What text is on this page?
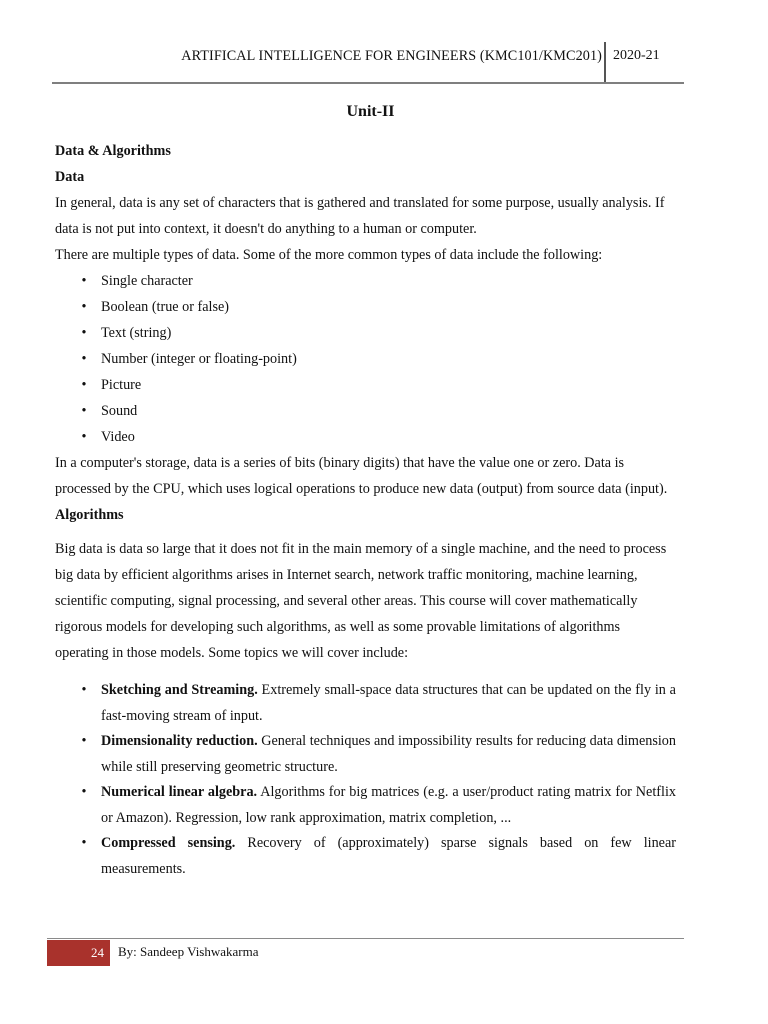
ARTIFICAL INTELLIGENCE FOR ENGINEERS (KMC101/KMC201) 2020-21
Unit-II

Data & Algorithms

Data

In general, data is any set of characters that is gathered and translated for some purpose, usually analysis. If data is not put into context, it doesn't do anything to a human or computer.

There are multiple types of data. Some of the more common types of data include the following:

• Single character
• Boolean (true or false)
• Text (string)
• Number (integer or floating-point)
• Picture
• Sound
• Video

In a computer's storage, data is a series of bits (binary digits) that have the value one or zero. Data is processed by the CPU, which uses logical operations to produce new data (output) from source data (input).

Algorithms

Big data is data so large that it does not fit in the main memory of a single machine, and the need to process big data by efficient algorithms arises in Internet search, network traffic monitoring, machine learning, scientific computing, signal processing, and several other areas. This course will cover mathematically rigorous models for developing such algorithms, as well as some provable limitations of algorithms operating in those models. Some topics we will cover include:

• Sketching and Streaming. Extremely small-space data structures that can be updated on the fly in a fast-moving stream of input.
• Dimensionality reduction. General techniques and impossibility results for reducing data dimension while still preserving geometric structure.
• Numerical linear algebra. Algorithms for big matrices (e.g. a user/product rating matrix for Netflix or Amazon). Regression, low rank approximation, matrix completion, ...
• Compressed sensing. Recovery of (approximately) sparse signals based on few linear measurements.
24	By: Sandeep Vishwakarma
